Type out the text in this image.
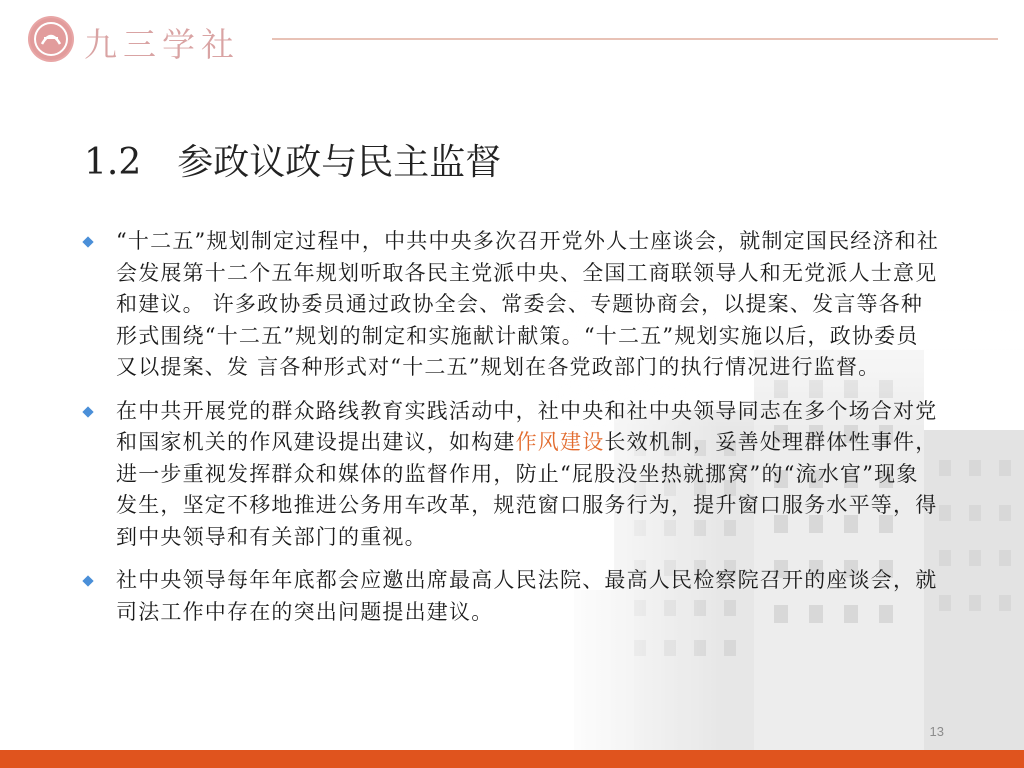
九三学社
1.2　参政议政与民主监督
“十二五”规划制定过程中，中共中央多次召开党外人士座谈会，就制定国民经济和社会发展第十二个五年规划听取各民主党派中央、全国工商联领导人和无党派人士意见和建议。 许多政协委员通过政协全会、常委会、专题协商会，以提案、发言等各种形式围绕“十二五”规划的制定和实施献计献策。“十二五”规划实施以后，政协委员又以提案、发 言各种形式对“十二五”规划在各党政部门的执行情况进行监督。
在中共开展党的群众路线教育实践活动中，社中央和社中央领导同志在多个场合对党和国家机关的作风建设提出建议，如构建作风建设长效机制，妥善处理群体性事件，进一步重视发挥群众和媒体的监督作用，防止“屁股没坐热就挪窝”的“流水官”现象发生，坚定不移地推进公务用车改革，规范窗口服务行为，提升窗口服务水平等，得到中央领导和有关部门的重视。
社中央领导每年年底都会应邀出席最高人民法院、最高人民检察院召开的座谈会，就司法工作中存在的突出问题提出建议。
13
